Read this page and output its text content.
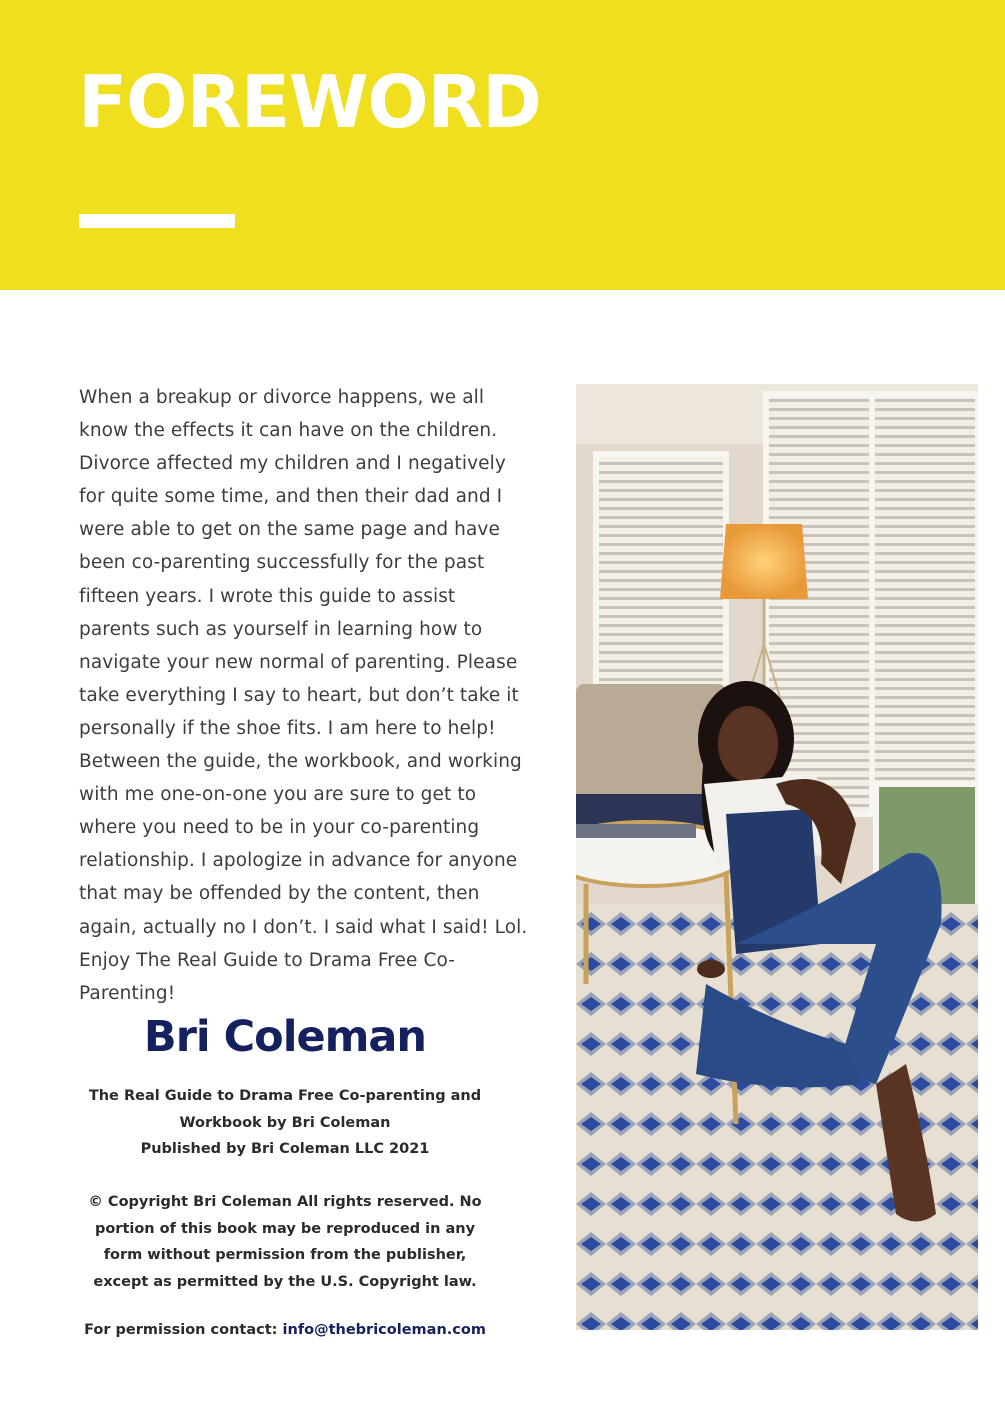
FOREWORD

When a breakup or divorce happens, we all know the effects it can have on the children. Divorce affected my children and I negatively for quite some time, and then their dad and I were able to get on the same page and have been co-parenting successfully for the past fifteen years. I wrote this guide to assist parents such as yourself in learning how to navigate your new normal of parenting. Please take everything I say to heart, but don’t take it personally if the shoe fits. I am here to help! Between the guide, the workbook, and working with me one-on-one you are sure to get to where you need to be in your co-parenting relationship. I apologize in advance for anyone that may be offended by the content, then again, actually no I don’t. I said what I said! Lol. Enjoy The Real Guide to Drama Free Co-Parenting!

Bri Coleman
The Real Guide to Drama Free Co-parenting and
Workbook by Bri Coleman
Published by Bri Coleman LLC 2021
© Copyright Bri Coleman All rights reserved. No
portion of this book may be reproduced in any
form without permission from the publisher,
except as permitted by the U.S. Copyright law.
For permission contact: info@thebricoleman.com
